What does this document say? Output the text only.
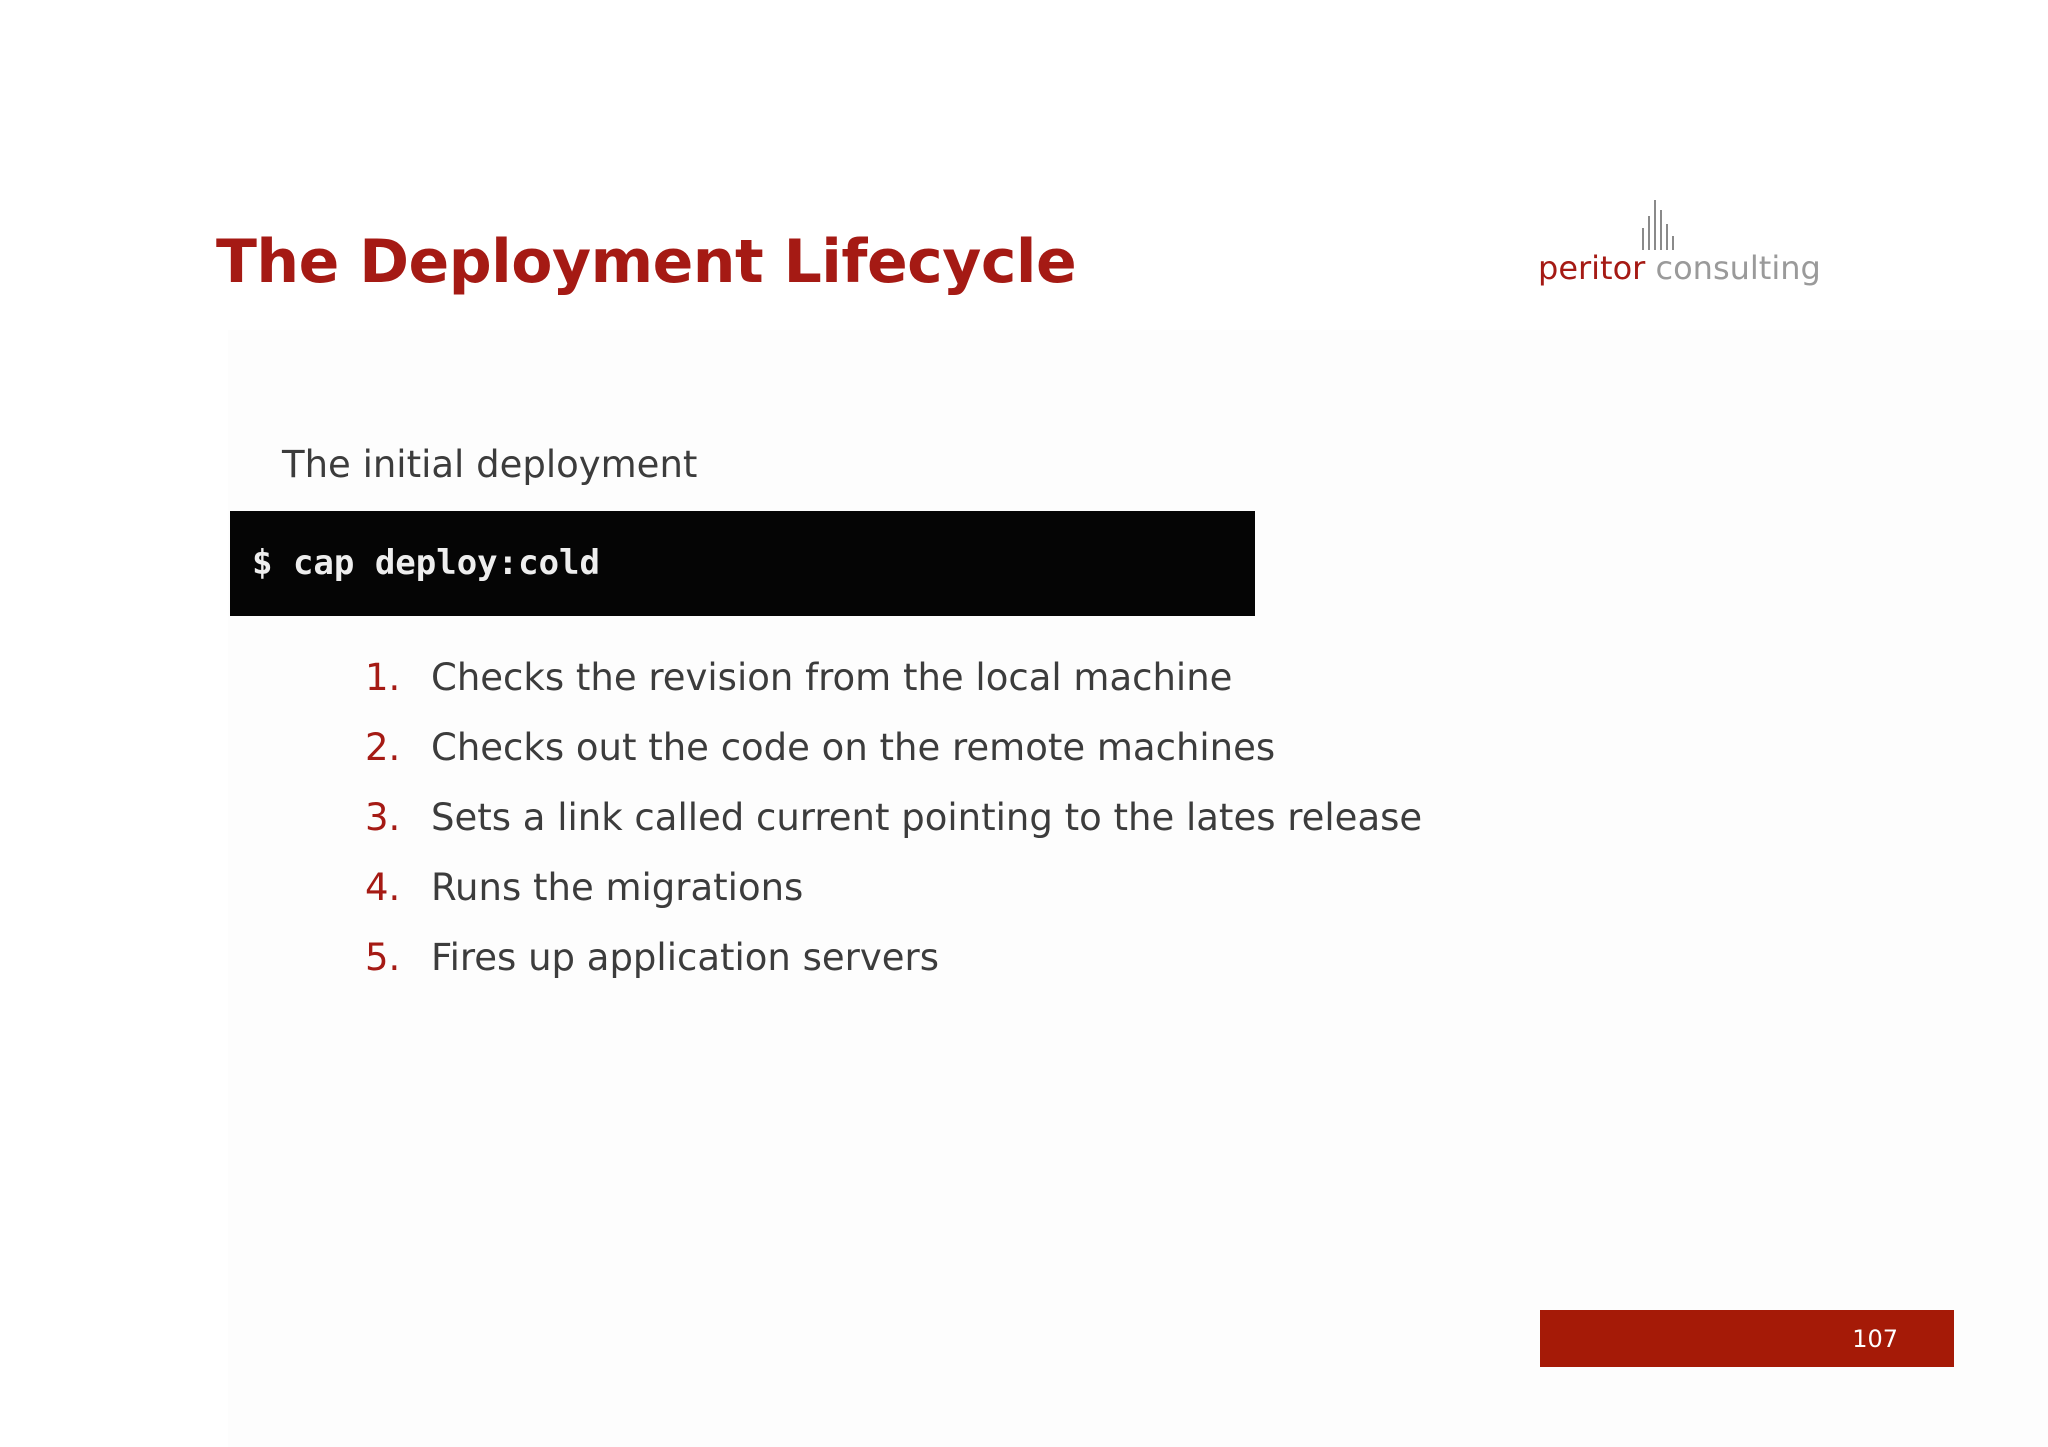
The Deployment Lifecycle	peritor consulting
The initial deployment
$ cap deploy:cold
1. Checks the revision from the local machine
2. Checks out the code on the remote machines
3. Sets a link called current pointing to the lates release
4. Runs the migrations
5. Fires up application servers
107
